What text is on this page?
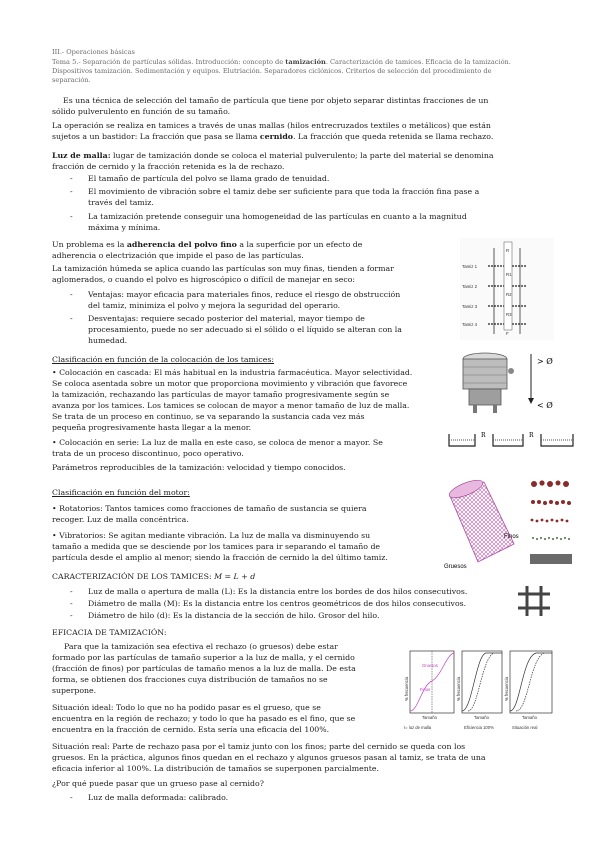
III.- Operaciones básicas
Tema 5.- Separación de partículas sólidas. Introducción: concepto de tamización. Caracterización de tamices. Eficacia de la tamización.
Dispositivos tamización. Sedimentación y equipos. Elutriación. Separadores ciclónicos. Criterios de selección del procedimiento de
separación.
Es una técnica de selección del tamaño de partícula que tiene por objeto separar distintas fracciones de un
sólido pulverulento en función de su tamaño.
La operación se realiza en tamices a través de unas mallas (hilos entrecruzados textiles o metálicos) que están
sujetos a un bastidor: La fracción que pasa se llama cernido. La fracción que queda retenida se llama rechazo.
Luz de malla: lugar de tamización donde se coloca el material pulverulento; la parte del material se denomina
fracción de cernido y la fracción retenida es la de rechazo.
- El tamaño de partícula del polvo se llama grado de tenuidad.
- El movimiento de vibración sobre el tamiz debe ser suficiente para que toda la fracción fina pase a
través del tamiz.
- La tamización pretende conseguir una homogeneidad de las partículas en cuanto a la magnitud
máxima y mínima.
Un problema es la adherencia del polvo fino a la superficie por un efecto de
adherencia o electrización que impide el paso de las partículas.
La tamización húmeda se aplica cuando las partículas son muy finas, tienden a formar
aglomerados, o cuando el polvo es higroscópico o difícil de manejar en seco:
- Ventajas: mayor eficacia para materiales finos, reduce el riesgo de obstrucción
del tamiz, minimiza el polvo y mejora la seguridad del operario.
- Desventajas: requiere secado posterior del material, mayor tiempo de
procesamiento, puede no ser adecuado si el sólido o el líquido se alteran con la
humedad.
Tamiz 1
Tamiz 2
Tamiz 3
Tamiz 4
R
R1
R2
R3
F
Clasificación en función de la colocación de los tamices:
• Colocación en cascada: El más habitual en la industria farmacéutica. Mayor selectividad.
Se coloca asentada sobre un motor que proporciona movimiento y vibración que favorece
la tamización, rechazando las partículas de mayor tamaño progresivamente según se
avanza por los tamices. Los tamices se colocan de mayor a menor tamaño de luz de malla.
Se trata de un proceso en continuo, se va separando la sustancia cada vez más
pequeña progresivamente hasta llegar a la menor.
• Colocación en serie: La luz de malla en este caso, se coloca de menor a mayor. Se
trata de un proceso discontinuo, poco operativo.
Parámetros reproducibles de la tamización: velocidad y tiempo conocidos.
> Ø
< Ø
R	R
Clasificación en función del motor:
• Rotatorios: Tantos tamices como fracciones de tamaño de sustancia se quiera
recoger. Luz de malla concéntrica.
• Vibratorios: Se agitan mediante vibración. La luz de malla va disminuyendo su
tamaño a medida que se desciende por los tamices para ir separando el tamaño de
partícula desde el amplio al menor; siendo la fracción de cernido la del último tamiz.
Finos
Gruesos
CARACTERIZACIÓN DE LOS TAMICES: M = L + d
- Luz de malla o apertura de malla (L): Es la distancia entre los bordes de dos hilos consecutivos.
- Diámetro de malla (M): Es la distancia entre los centros geométricos de dos hilos consecutivos.
- Diámetro de hilo (d): Es la distancia de la sección de hilo. Grosor del hilo.
EFICACIA DE TAMIZACIÓN:
Para que la tamización sea efectiva el rechazo (o gruesos) debe estar
formado por las partículas de tamaño superior a la luz de malla, y el cernido
(fracción de finos) por partículas de tamaño menos a la luz de malla. De esta
forma, se obtienen dos fracciones cuya distribución de tamaños no se
superpone.
Situación ideal: Todo lo que no ha podido pasar es el grueso, que se
encuentra en la región de rechazo; y todo lo que ha pasado es el fino, que se
encuentra en la fracción de cernido. Esta sería una eficacia del 100%.
Situación real: Parte de rechazo pasa por el tamiz junto con los finos; parte del cernido se queda con los
gruesos. En la práctica, algunos finos quedan en el rechazo y algunos gruesos pasan al tamiz, se trata de una
eficacia inferior al 100%. La distribución de tamaños se superponen parcialmente.
¿Por qué puede pasar que un grueso pase al cernido?
- Luz de malla deformada: calibrado.
Gruesos
Finos
Tamaño	Tamaño	Tamaño
I= luz de malla	Eficiencia 100%	Situación real
% frecuencia	% frecuencia	% frecuencia
